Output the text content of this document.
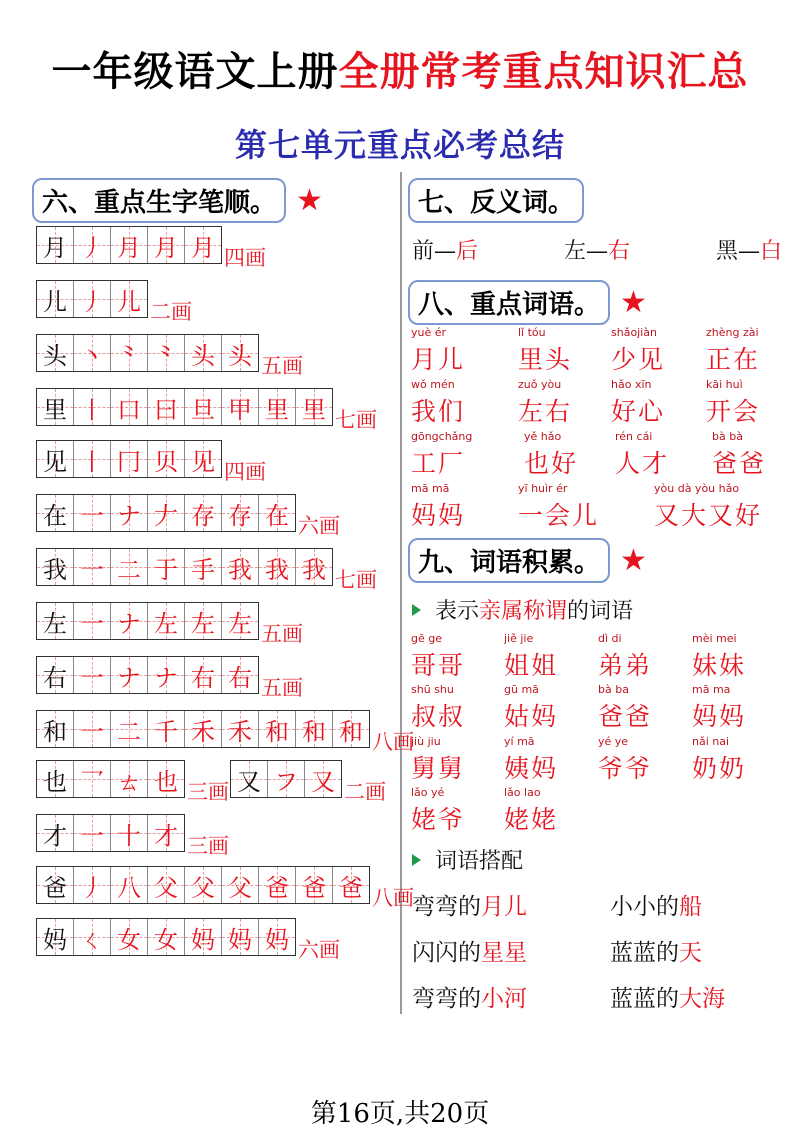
一年级语文上册全册常考重点知识汇总
第七单元重点必考总结
六、重点生字笔顺。 ★
月 丿 月 月 月 四画
儿 丿 儿 二画
头 丶 ⺀ ⺀ 头 头 五画
里 丨 口 曰 旦 甲 里 里 七画
见 丨 冂 贝 见 四画
在 一 ナ 𠂇 存 存 在 六画
我 一 二 于 手 我 我 我 七画
左 一 ナ 左 左 左 五画
右 一 ナ ナ 右 右 五画
和 一 二 千 禾 禾 和 和 和 八画
也 乛 ㄊ 也 三画 又 フ 又 二画
才 一 十 才 三画
爸 丿 八 父 父 父 爸 爸 爸 八画
妈 ㄑ 女 女 妈 妈 妈 六画
七、反义词。
前—后	左—右	黑—白
八、重点词语。 ★
yuè ér
月儿
lǐ tóu
里头
shǎojiàn
少见
zhèng zài
正在
wǒ mén
我们
zuǒ yòu
左右
hǎo xīn
好心
kāi huì
开会
gōngchǎng
工厂
yě hǎo
也好
rén cái
人才
bà bà
爸爸
mā mā
妈妈
yī huìr ér
一会儿
yòu dà yòu hǎo
又大又好
九、词语积累。 ★
表示 亲属称谓 的词语
gē ge
哥哥
jiě jie
姐姐
dì di
弟弟
mèi mei
妹妹
shū shu
叔叔
gū mā
姑妈
bà ba
爸爸
mā ma
妈妈
jiù jiu
舅舅
yí mā
姨妈
yé ye
爷爷
nǎi nai
奶奶
lǎo yé
姥爷
lǎo lao
姥姥
词语搭配
弯弯的月儿	小小的船
闪闪的星星	蓝蓝的天
弯弯的小河	蓝蓝的大海
第16页,共20页
